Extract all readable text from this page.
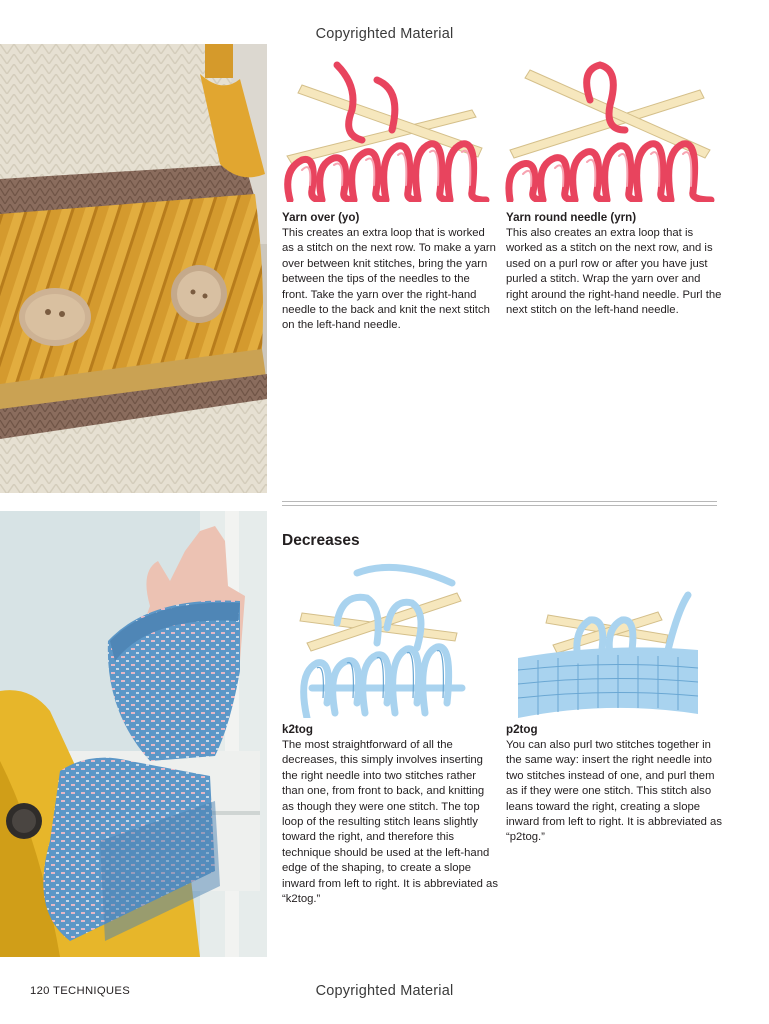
Copyrighted Material
Yarn over (yo)
This creates an extra loop that is worked as a stitch on the next row. To make a yarn over between knit stitches, bring the yarn between the tips of the needles to the front. Take the yarn over the right-hand needle to the back and knit the next stitch on the left-hand needle.
Yarn round needle (yrn)
This also creates an extra loop that is worked as a stitch on the next row, and is used on a purl row or after you have just purled a stitch. Wrap the yarn over and right around the right-hand needle. Purl the next stitch on the left-hand needle.
Decreases
k2tog
The most straightforward of all the decreases, this simply involves inserting the right needle into two stitches rather than one, from front to back, and knitting as though they were one stitch. The top loop of the resulting stitch leans slightly toward the right, and therefore this technique should be used at the left-hand edge of the shaping, to create a slope inward from left to right. It is abbreviated as “k2tog.”
p2tog
You can also purl two stitches together in the same way: insert the right needle into two stitches instead of one, and purl them as if they were one stitch. This stitch also leans toward the right, creating a slope inward from left to right. It is abbreviated as “p2tog.”
120 TECHNIQUES	Copyrighted Material
